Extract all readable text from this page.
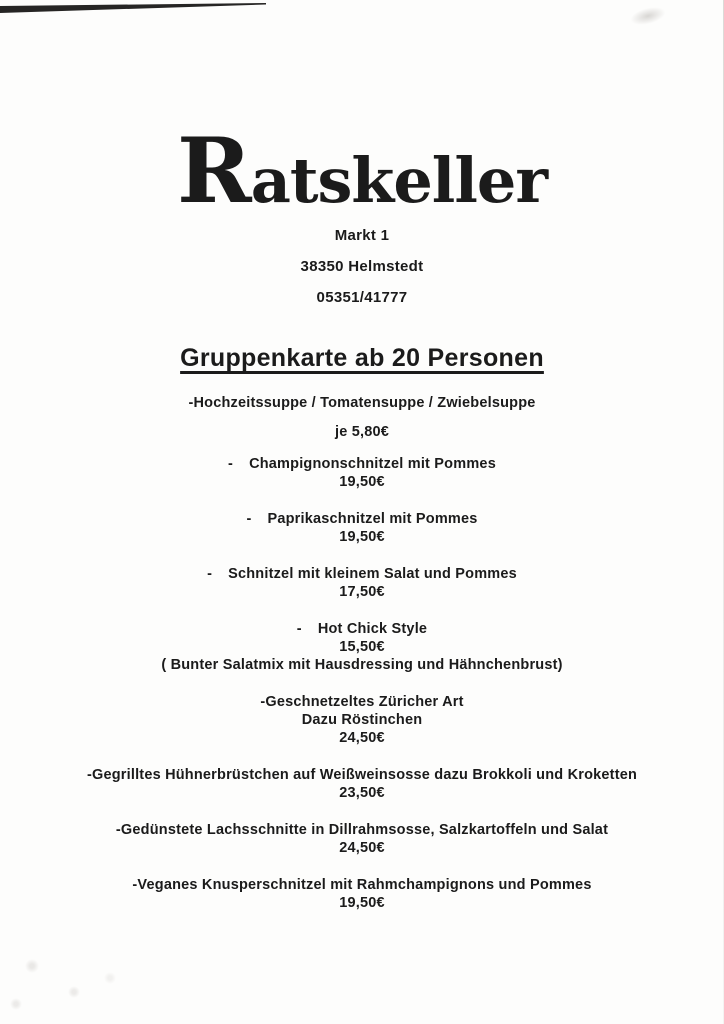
Ratskeller
Markt 1
38350 Helmstedt
05351/41777
Gruppenkarte ab 20 Personen
-Hochzeitssuppe / Tomatensuppe / Zwiebelsuppe
je 5,80€
- Champignonschnitzel mit Pommes
19,50€
- Paprikaschnitzel mit Pommes
19,50€
- Schnitzel mit kleinem Salat und Pommes
17,50€
- Hot Chick Style
15,50€
( Bunter Salatmix mit Hausdressing und Hähnchenbrust)
-Geschnetzeltes Züricher Art
Dazu Röstinchen
24,50€
-Gegrilltes Hühnerbrüstchen auf Weißweinsosse dazu Brokkoli und Kroketten
23,50€
-Gedünstete Lachsschnitte in Dillrahmsosse, Salzkartoffeln und Salat
24,50€
-Veganes Knusperschnitzel mit Rahmchampignons und Pommes
19,50€
